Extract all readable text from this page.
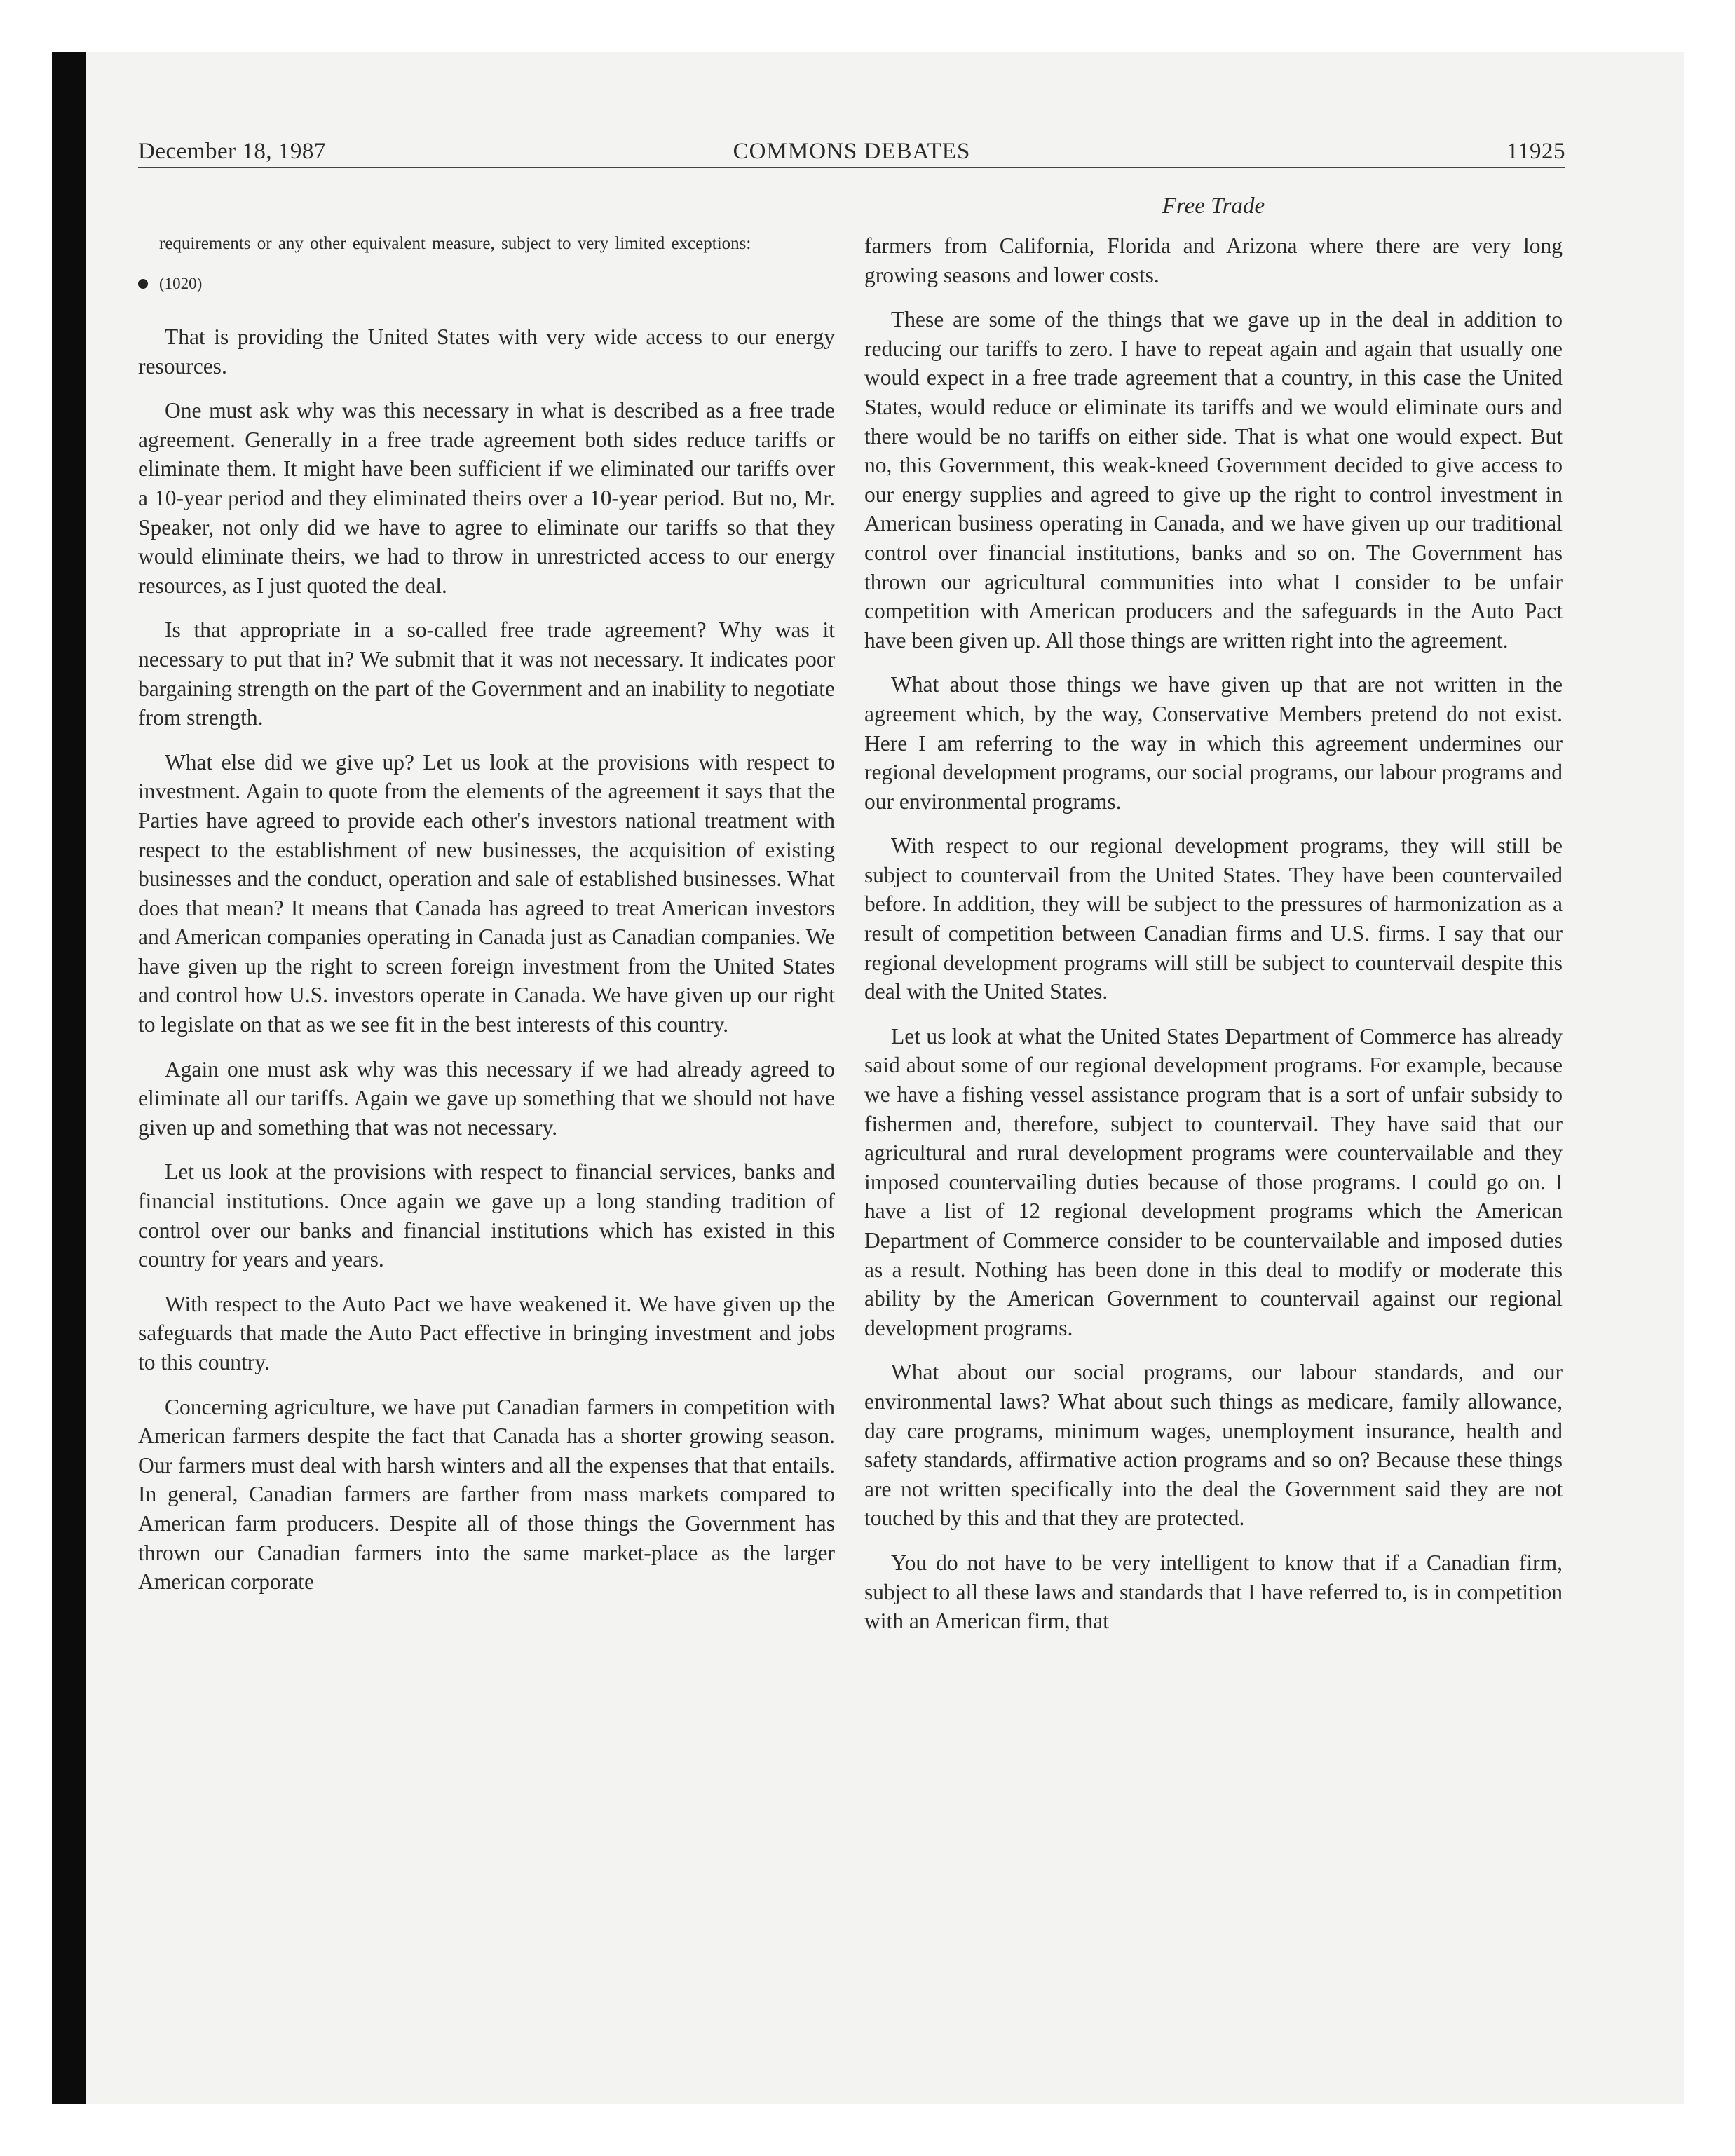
December 18, 1987	COMMONS DEBATES	11925
requirements or any other equivalent measure, subject to very limited exceptions:
(1020)

That is providing the United States with very wide access to our energy resources.

One must ask why was this necessary in what is described as a free trade agreement. Generally in a free trade agreement both sides reduce tariffs or eliminate them. It might have been sufficient if we eliminated our tariffs over a 10-year period and they eliminated theirs over a 10-year period. But no, Mr. Speaker, not only did we have to agree to eliminate our tariffs so that they would eliminate theirs, we had to throw in unrestricted access to our energy resources, as I just quoted the deal.

Is that appropriate in a so-called free trade agreement? Why was it necessary to put that in? We submit that it was not necessary. It indicates poor bargaining strength on the part of the Government and an inability to negotiate from strength.

What else did we give up? Let us look at the provisions with respect to investment. Again to quote from the elements of the agreement it says that the Parties have agreed to provide each other's investors national treatment with respect to the establishment of new businesses, the acquisition of existing businesses and the conduct, operation and sale of established businesses. What does that mean? It means that Canada has agreed to treat American investors and American companies operating in Canada just as Canadian companies. We have given up the right to screen foreign investment from the United States and control how U.S. investors operate in Canada. We have given up our right to legislate on that as we see fit in the best interests of this country.

Again one must ask why was this necessary if we had already agreed to eliminate all our tariffs. Again we gave up something that we should not have given up and something that was not necessary.

Let us look at the provisions with respect to financial services, banks and financial institutions. Once again we gave up a long standing tradition of control over our banks and financial institutions which has existed in this country for years and years.

With respect to the Auto Pact we have weakened it. We have given up the safeguards that made the Auto Pact effective in bringing investment and jobs to this country.

Concerning agriculture, we have put Canadian farmers in competition with American farmers despite the fact that Canada has a shorter growing season. Our farmers must deal with harsh winters and all the expenses that that entails. In general, Canadian farmers are farther from mass markets compared to American farm producers. Despite all of those things the Government has thrown our Canadian farmers into the same market-place as the larger American corporate

Free Trade

farmers from California, Florida and Arizona where there are very long growing seasons and lower costs.

These are some of the things that we gave up in the deal in addition to reducing our tariffs to zero. I have to repeat again and again that usually one would expect in a free trade agreement that a country, in this case the United States, would reduce or eliminate its tariffs and we would eliminate ours and there would be no tariffs on either side. That is what one would expect. But no, this Government, this weak-kneed Government decided to give access to our energy supplies and agreed to give up the right to control investment in American business operating in Canada, and we have given up our traditional control over financial institutions, banks and so on. The Government has thrown our agricultural communities into what I consider to be unfair competition with American producers and the safeguards in the Auto Pact have been given up. All those things are written right into the agreement.

What about those things we have given up that are not written in the agreement which, by the way, Conservative Members pretend do not exist. Here I am referring to the way in which this agreement undermines our regional development programs, our social programs, our labour programs and our environmental programs.

With respect to our regional development programs, they will still be subject to countervail from the United States. They have been countervailed before. In addition, they will be subject to the pressures of harmonization as a result of competition between Canadian firms and U.S. firms. I say that our regional development programs will still be subject to countervail despite this deal with the United States.

Let us look at what the United States Department of Commerce has already said about some of our regional development programs. For example, because we have a fishing vessel assistance program that is a sort of unfair subsidy to fishermen and, therefore, subject to countervail. They have said that our agricultural and rural development programs were countervailable and they imposed countervailing duties because of those programs. I could go on. I have a list of 12 regional development programs which the American Department of Commerce consider to be countervailable and imposed duties as a result. Nothing has been done in this deal to modify or moderate this ability by the American Government to countervail against our regional development programs.

What about our social programs, our labour standards, and our environmental laws? What about such things as medicare, family allowance, day care programs, minimum wages, unemployment insurance, health and safety standards, affirmative action programs and so on? Because these things are not written specifically into the deal the Government said they are not touched by this and that they are protected.

You do not have to be very intelligent to know that if a Canadian firm, subject to all these laws and standards that I have referred to, is in competition with an American firm, that
